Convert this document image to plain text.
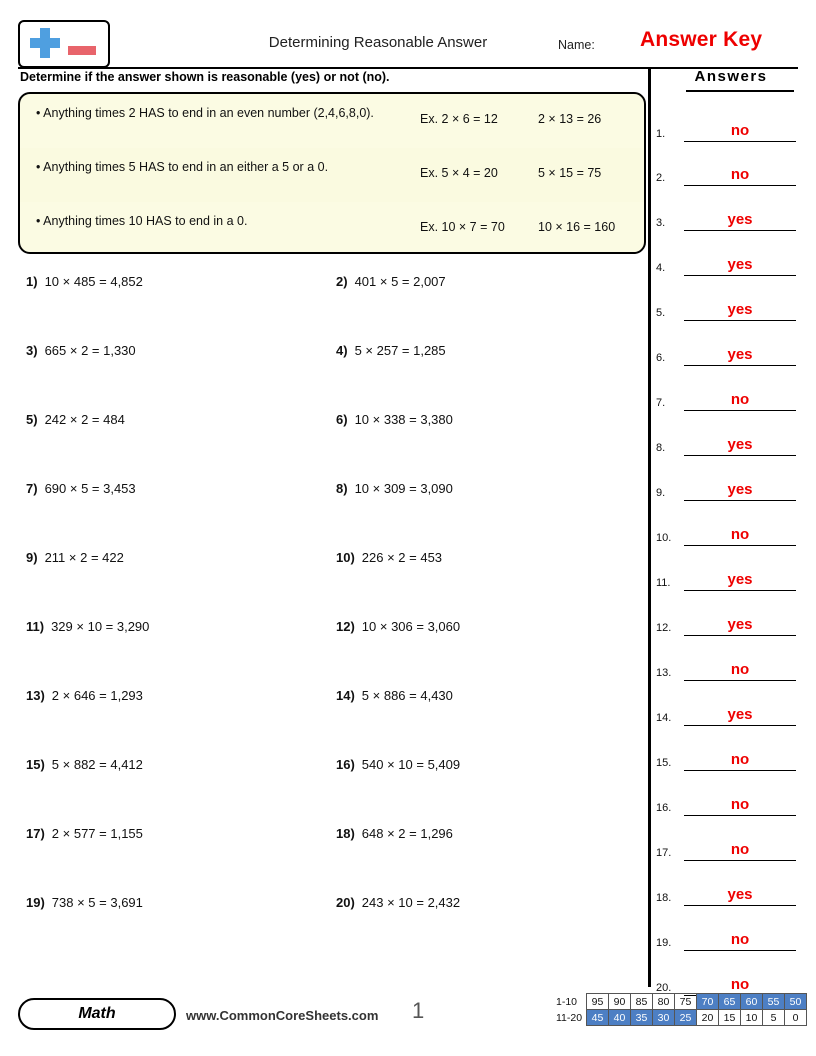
Determining Reasonable Answer	Name: Answer Key
Determine if the answer shown is reasonable (yes) or not (no).
• Anything times 2 HAS to end in an even number (2,4,6,8,0).	Ex. 2 × 6 = 12	2 × 13 = 26
• Anything times 5 HAS to end in an either a 5 or a 0.	Ex. 5 × 4 = 20	5 × 15 = 75
• Anything times 10 HAS to end in a 0.	Ex. 10 × 7 = 70	10 × 16 = 160
1) 10 × 485 = 4,852	2) 401 × 5 = 2,007
3) 665 × 2 = 1,330	4) 5 × 257 = 1,285
5) 242 × 2 = 484	6) 10 × 338 = 3,380
7) 690 × 5 = 3,453	8) 10 × 309 = 3,090
9) 211 × 2 = 422	10) 226 × 2 = 453
11) 329 × 10 = 3,290	12) 10 × 306 = 3,060
13) 2 × 646 = 1,293	14) 5 × 886 = 4,430
15) 5 × 882 = 4,412	16) 540 × 10 = 5,409
17) 2 × 577 = 1,155	18) 648 × 2 = 1,296
19) 738 × 5 = 3,691	20) 243 × 10 = 2,432
Answers
1.	no
2.	no
3.	yes
4.	yes
5.	yes
6.	yes
7.	no
8.	yes
9.	yes
10.	no
11.	yes
12.	yes
13.	no
14.	yes
15.	no
16.	no
17.	no
18.	yes
19.	no
20.	no
Math	www.CommonCoreSheets.com 1	1-10	95	90	85	80	75	70	65	60	55	50
11-20	45	40	35	30	25	20	15	10	5	0
